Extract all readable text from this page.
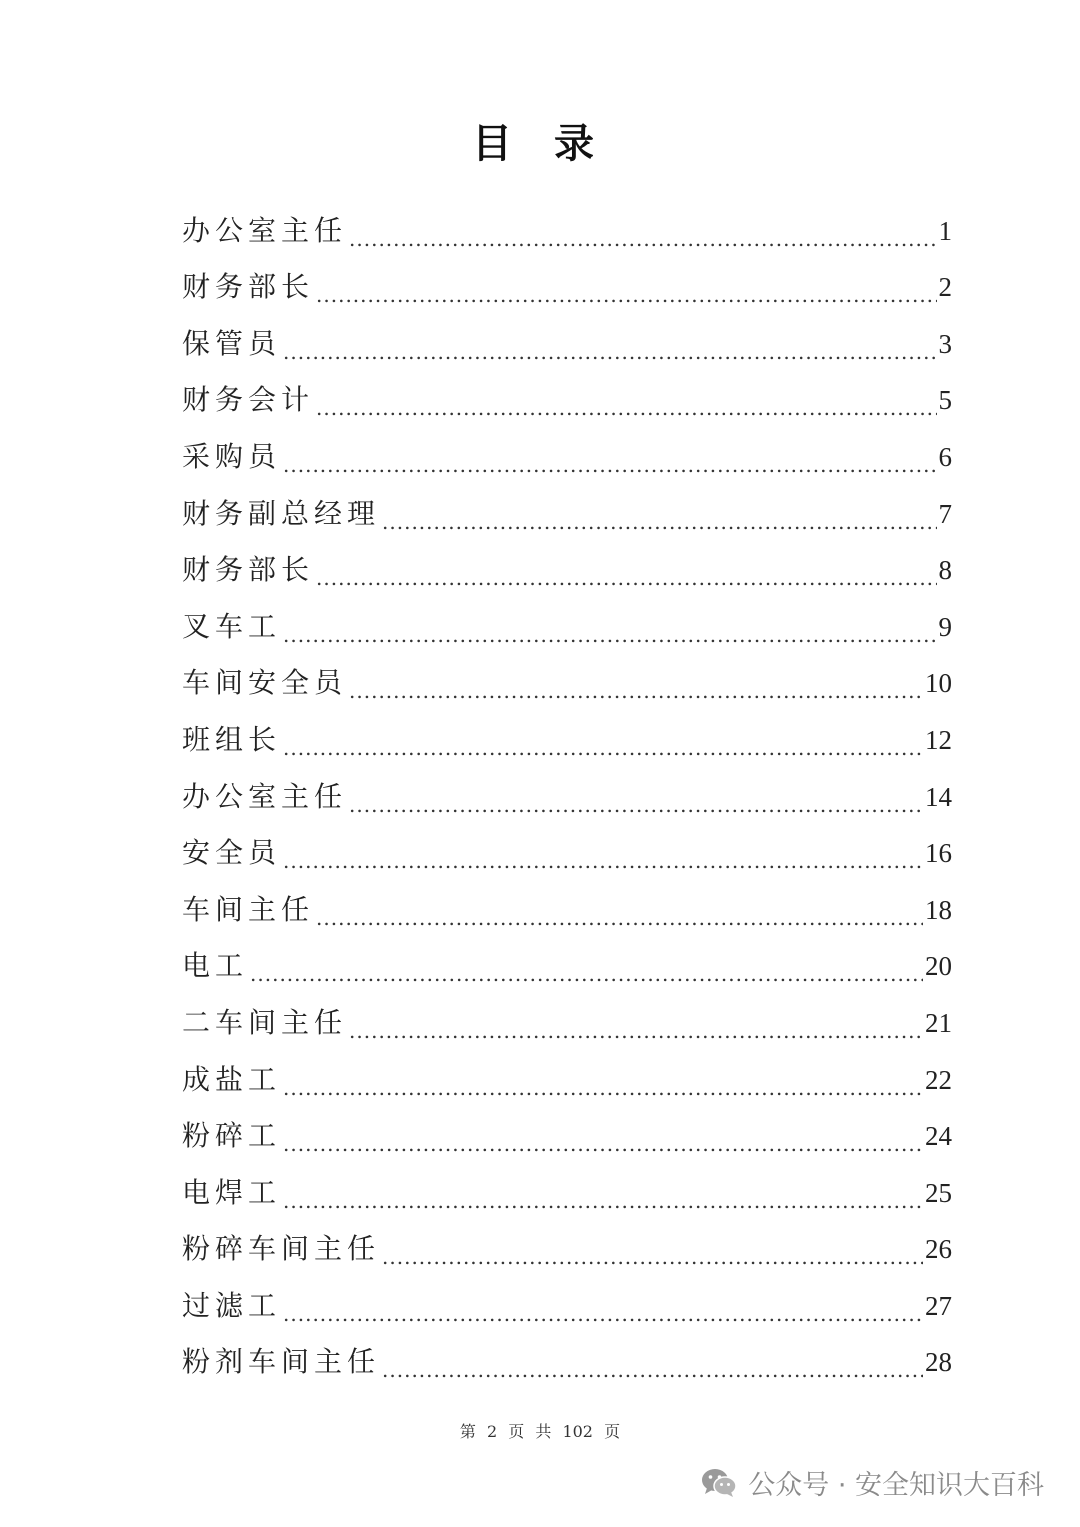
目 录
办公室主任 .....	1
财务部长 .....	2
保管员 .....	3
财务会计 .....	5
采购员 .....	6
财务副总经理 .....	7
财务部长 .....	8
叉车工 .....	9
车间安全员 .....	10
班组长 .....	12
办公室主任 .....	14
安全员 .....	16
车间主任 .....	18
电工 .....	20
二车间主任 .....	21
成盐工 .....	22
粉碎工 .....	24
电焊工 .....	25
粉碎车间主任 .....	26
过滤工 .....	27
粉剂车间主任 .....	28
第 2 页 共 102 页
公众号 · 安全知识大百科
